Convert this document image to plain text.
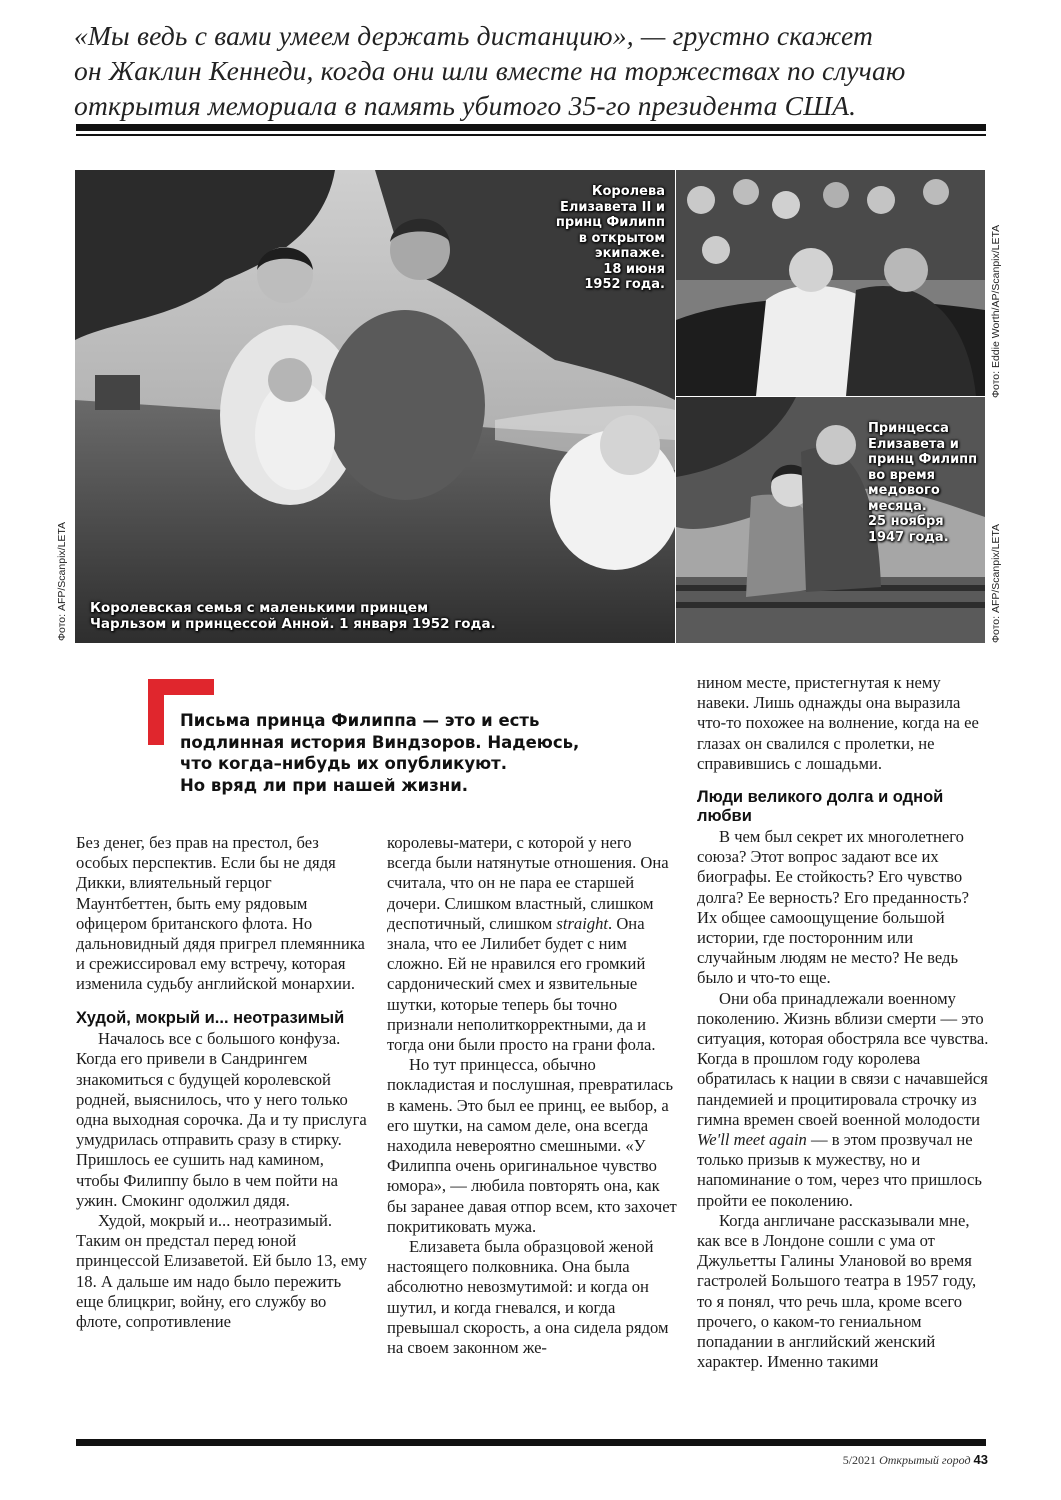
«Мы ведь с вами умеем держать дистанцию», — грустно скажет
он Жаклин Кеннеди, когда они шли вместе на торжествах по случаю
открытия мемориала в память убитого 35-го президента США.
Королева
Елизавета II и
принц Филипп
в открытом
экипаже.
18 июня
1952 года.
Принцесса
Елизавета и
принц Филипп
во время
медового
месяца.
25 ноября
1947 года.
Королевская семья с маленькими принцем
Чарльзом и принцессой Анной. 1 января 1952 года.
Фото: AFP/Scanpix/LETA
Фото: Eddie Worth/AP/Scanpix/LETA
Фото: AFP/Scanpix/LETA
Письма принца Филиппа — это и есть
подлинная история Виндзоров. Надеюсь,
что когда–нибудь их опубликуют.
Но вряд ли при нашей жизни.

Без денег, без прав на престол, без особых перспектив. Если бы не дядя Дикки, влиятельный герцог Маунтбеттен, быть ему рядовым офицером британского флота. Но дальновидный дядя пригрел племянника и срежиссировал ему встречу, которая изменила судьбу английской монархии.

Худой, мокрый и... неотразимый

Началось все с большого конфуза. Когда его привели в Сандрингем знакомиться с будущей королевской родней, выяснилось, что у него только одна выходная сорочка. Да и ту прислуга умудрилась отправить сразу в стирку. Пришлось ее сушить над камином, чтобы Филиппу было в чем пойти на ужин. Смокинг одолжил дядя.

Худой, мокрый и... неотразимый. Таким он предстал перед юной принцессой Елизаветой. Ей было 13, ему 18. А дальше им надо было пережить еще блицкриг, войну, его службу во флоте, сопротивление

королевы-матери, с которой у него всегда были натянутые отношения. Она считала, что он не пара ее старшей дочери. Слишком властный, слишком деспотичный, слишком straight. Она знала, что ее Лилибет будет с ним сложно. Ей не нравился его громкий сардонический смех и язвительные шутки, которые теперь бы точно признали неполиткорректными, да и тогда они были просто на грани фола.

Но тут принцесса, обычно покладистая и послушная, превратилась в камень. Это был ее принц, ее выбор, а его шутки, на самом деле, она всегда находила невероятно смешными. «У Филиппа очень оригинальное чувство юмора», — любила повторять она, как бы заранее давая отпор всем, кто захочет покритиковать мужа.

Елизавета была образцовой женой настоящего полковника. Она была абсолютно невозмутимой: и когда он шутил, и когда гневался, и когда превышал скорость, а она сидела рядом на своем законном же-

нином месте, пристегнутая к нему навеки. Лишь однажды она выразила что-то похожее на волнение, когда на ее глазах он свалился с пролетки, не справившись с лошадьми.

Люди великого долга и одной любви

В чем был секрет их многолетнего союза? Этот вопрос задают все их биографы. Ее стойкость? Его чувство долга? Ее верность? Его преданность? Их общее самоощущение большой истории, где посторонним или случайным людям не место? Не ведь было и что-то еще.

Они оба принадлежали военному поколению. Жизнь вблизи смерти — это ситуация, которая обостряла все чувства. Когда в прошлом году королева обратилась к нации в связи с начавшейся пандемией и процитировала строчку из гимна времен своей военной молодости We'll meet again — в этом прозвучал не только призыв к мужеству, но и напоминание о том, через что пришлось пройти ее поколению.

Когда англичане рассказывали мне, как все в Лондоне сошли с ума от Джульетты Галины Улановой во время гастролей Большого театра в 1957 году, то я понял, что речь шла, кроме всего прочего, о каком-то гениальном попадании в английский женский характер. Именно такими

5/2021 Открытый город 43
